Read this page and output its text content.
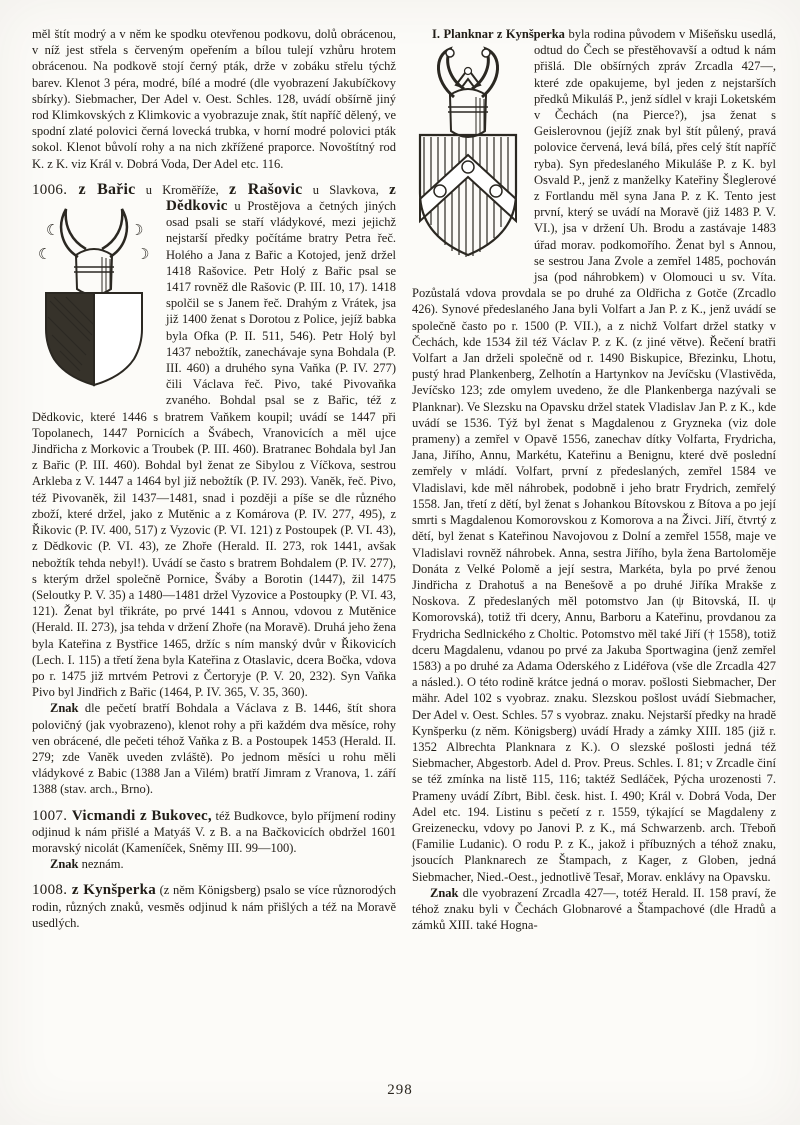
měl štít modrý a v něm ke spodku otevřenou podkovu, dolů obrácenou, v níž jest střela s červeným opeřením a bílou tulejí vzhůru hrotem obrácenou. Na podkově stojí černý pták, drže v zobáku střelu týchž barev. Klenot 3 péra, modré, bílé a modré (dle vyobrazení Jakubíčkovy sbírky). Siebmacher, Der Adel v. Oest. Schles. 128, uvádí obšírně jiný rod Klimkovských z Klimkovic a vyobrazuje znak, štít napříč dělený, ve spodní zlaté polovici černá lovecká trubka, v horní modré polovici pták sokol. Klenot bůvolí rohy a na nich zkřížené praporce. Novoštítný rod K. z K. viz Král v. Dobrá Voda, Der Adel etc. 116.

1006. z Bařic u Kroměříže, z Rašovic u Slavkova,
☾
☾
☽
☽
z Dědkovic u Prostějova a četných jiných osad psali se staří vládykové, mezi jejichž nejstarší předky počítáme bratry Petra řeč. Holého a Jana z Bařic a Kotojed, jenž držel 1418 Rašovice. Petr Holý z Bařic psal se 1417 rovněž dle Rašovic (P. III. 10, 17). 1418 spolčil se s Janem řeč. Drahým z Vrátek, jsa již 1400 ženat s Dorotou z Police, jejíž babka byla Ofka (P. II. 511, 546). Petr Holý byl 1437 nebožtík, zanechávaje syna Bohdala (P. III. 460) a druhého syna Vaňka (P. IV. 277) čili Václava řeč. Pivo, také Pivovaňka zvaného. Bohdal psal se z Bařic, též z Dědkovic, které 1446 s bratrem Vaňkem koupil; uvádí se 1447 při Topolanech, 1447 Pornicích a Švábech, Vranovicích a měl ujce Jindřicha z Morkovic a Troubek (P. III. 460). Bratranec Bohdala byl Jan z Bařic (P. III. 460). Bohdal byl ženat ze Sibylou z Víčkova, sestrou Arkleba z V. 1447 a 1464 byl již nebožtík (P. IV. 293). Vaněk, řeč. Pivo, též Pivovaněk, žil 1437—1481, snad i později a píše se dle různého zboží, které držel, jako z Mutěnic a z Komárova (P. IV. 277, 495), z Řikovic (P. IV. 400, 517) z Vyzovic (P. VI. 121) z Postoupek (P. VI. 43), z Dědkovic (P. VI. 43), ze Zhoře (Herald. II. 273, rok 1441, avšak nebožtík tehda nebyl!). Uvádí se často s bratrem Bohdalem (P. IV. 277), s kterým držel společně Pornice, Šváby a Borotin (1447), žil 1475 (Seloutky P. V. 35) a 1480—1481 držel Vyzovice a Postoupky (P. VI. 43, 121). Ženat byl třikráte, po prvé 1441 s Annou, vdovou z Mutěnice (Herald. II. 273), jsa tehda v držení Zhoře (na Moravě). Druhá jeho žena byla Kateřina z Bystřice 1465, držíc s ním manský dvůr v Řikovicích (Lech. I. 115) a třetí žena byla Kateřina z Otaslavic, dcera Bočka, vdova po r. 1475 již mrtvém Petrovi z Čertoryje (P. V. 20, 232). Syn Vaňka Pivo byl Jindřich z Bařic (1464, P. IV. 365, V. 35, 360).

Znak dle pečetí bratří Bohdala a Václava z B. 1446, štít shora polovičný (jak vyobrazeno), klenot rohy a při každém dva měsíce, rohy ven obrácené, dle pečeti téhož Vaňka z B. a Postoupek 1453 (Herald. II. 279; zde Vaněk uveden zvláště). Po jednom měsíci u rohu měli vládykové z Babic (1388 Jan a Vilém) bratří Jimram z Vranova, 1. září 1388 (stav. arch., Brno).

1007. Vicmandi z Bukovec, též Budkovce, bylo příjmení rodiny odjinud k nám přišlé a Matyáš V. z B. a na Bačkovicích obdržel 1601 moravský nicolát (Kameníček, Sněmy III. 99—100).

Znak neznám.

1008. z Kynšperka (z něm Königsberg) psalo se více různorodých rodin, různých znaků, vesměs odjinud k nám přišlých a též na Moravě usedlých.

I. Planknar z Kynšperka byla rodina původem
v Mišeňsku usedlá, odtud do Čech se přestěhovavší a odtud k nám přišlá. Dle obšírných zpráv Zrcadla 427—, které zde opakujeme, byl jeden z nejstarších předků Mikuláš P., jenž sídlel v kraji Loketském v Čechách (na Pierce?), jsa ženat s Geislerovnou (jejíž znak byl štít půlený, pravá polovice červená, levá bílá, přes celý štít napříč ryba). Syn předeslaného Mikuláše P. z K. byl Osvald P., jenž z manželky Kateřiny Šleglerové z Fortlandu měl syna Jana P. z K. Tento jest první, který se uvádí na Moravě (již 1483 P. V. VI.), jsa v držení Uh. Brodu a zastávaje 1483 úřad morav. podkomořího. Ženat byl s Annou, se sestrou Jana Zvole a zemřel 1485, pochován jsa (pod náhrobkem) v Olomouci u sv. Víta. Pozůstalá vdova provdala se po druhé za Oldřicha z Gotče (Zrcadlo 426). Synové předeslaného Jana byli Volfart a Jan P. z K., jenž uvádí se společně často po r. 1500 (P. VII.), a z nichž Volfart držel statky v Čechách, kde 1534 žil též Václav P. z K. (z jiné větve). Řečení bratři Volfart a Jan drželi společně od r. 1490 Biskupice, Březinku, Lhotu, pustý hrad Plankenberg, Zelhotín a Hartynkov na Jevíčsku (Vlastivěda, Jevíčsko 123; zde omylem uvedeno, že dle Plankenberga nazývali se Planknar). Ve Slezsku na Opavsku držel statek Vladislav Jan P. z K., kde uvádí se 1536. Týž byl ženat s Magdalenou z Gryzneka (viz dole prameny) a zemřel v Opavě 1556, zanechav dítky Volfarta, Frydricha, Jana, Jiřího, Annu, Markétu, Kateřinu a Benignu, které dvě poslední zemřely v mládí. Volfart, první z předeslaných, zemřel 1584 ve Vladislavi, kde měl náhrobek, podobně i jeho bratr Frydrich, zemřelý 1558. Jan, třetí z dětí, byl ženat s Johankou Bítovskou z Bítova a po její smrti s Magdalenou Komorovskou z Komorova a na Živci. Jiří, čtvrtý z dětí, byl ženat s Kateřinou Navojovou z Dolní a zemřel 1558, maje ve Vladislavi rovněž náhrobek. Anna, sestra Jiřího, byla žena Bartoloměje Donáta z Velké Polomě a její sestra, Markéta, byla po prvé ženou Jindřicha z Drahotuš a na Benešově a po druhé Jiříka Mrakše z Noskova. Z předeslaných měl potomstvo Jan (ψ Bitovská, II. ψ Komorovská), totiž tři dcery, Annu, Barboru a Kateřinu, provdanou za Frydricha Sedlnického z Choltic. Potomstvo měl také Jiří († 1558), totiž dceru Magdalenu, vdanou po prvé za Jakuba Sportwagina (jenž zemřel 1583) a po druhé za Adama Oderského z Lidéřova (vše dle Zrcadla 427 a násled.). O této rodině krátce jedná o morav. pošlosti Siebmacher, Der mähr. Adel 102 s vyobraz. znaku. Slezskou pošlost uvádí Siebmacher, Der Adel v. Oest. Schles. 57 s vyobraz. znaku. Nejstarší předky na hradě Kynšperku (z něm. Königsberg) uvádí Hrady a zámky XIII. 185 (již r. 1352 Albrechta Planknara z K.). O slezské pošlosti jedná též Siebmacher, Abgestorb. Adel d. Prov. Preus. Schles. I. 81; v Zrcadle činí se též zmínka na listě 115, 116; taktéž Sedláček, Pýcha urozenosti 7. Prameny uvádí Zíbrt, Bibl. česk. hist. I. 490; Král v. Dobrá Voda, Der Adel etc. 194. Listinu s pečetí z r. 1559, týkající se Magdaleny z Greizenecku, vdovy po Janovi P. z K., má Schwarzenb. arch. Třeboň (Familie Ludanic). O rodu P. z K., jakož i příbuzných a téhož znaku, jsoucích Planknarech ze Štampach, z Kager, z Globen, jedná Siebmacher, Nied.-Oest., jednotlivě Tesař, Morav. enklávy na Opavsku.

Znak dle vyobrazení Zrcadla 427—, totéž Herald. II. 158 praví, že téhož znaku byli v Čechách Globnarové a Štampachové (dle Hradů a zámků XIII. také Hogna-

298
